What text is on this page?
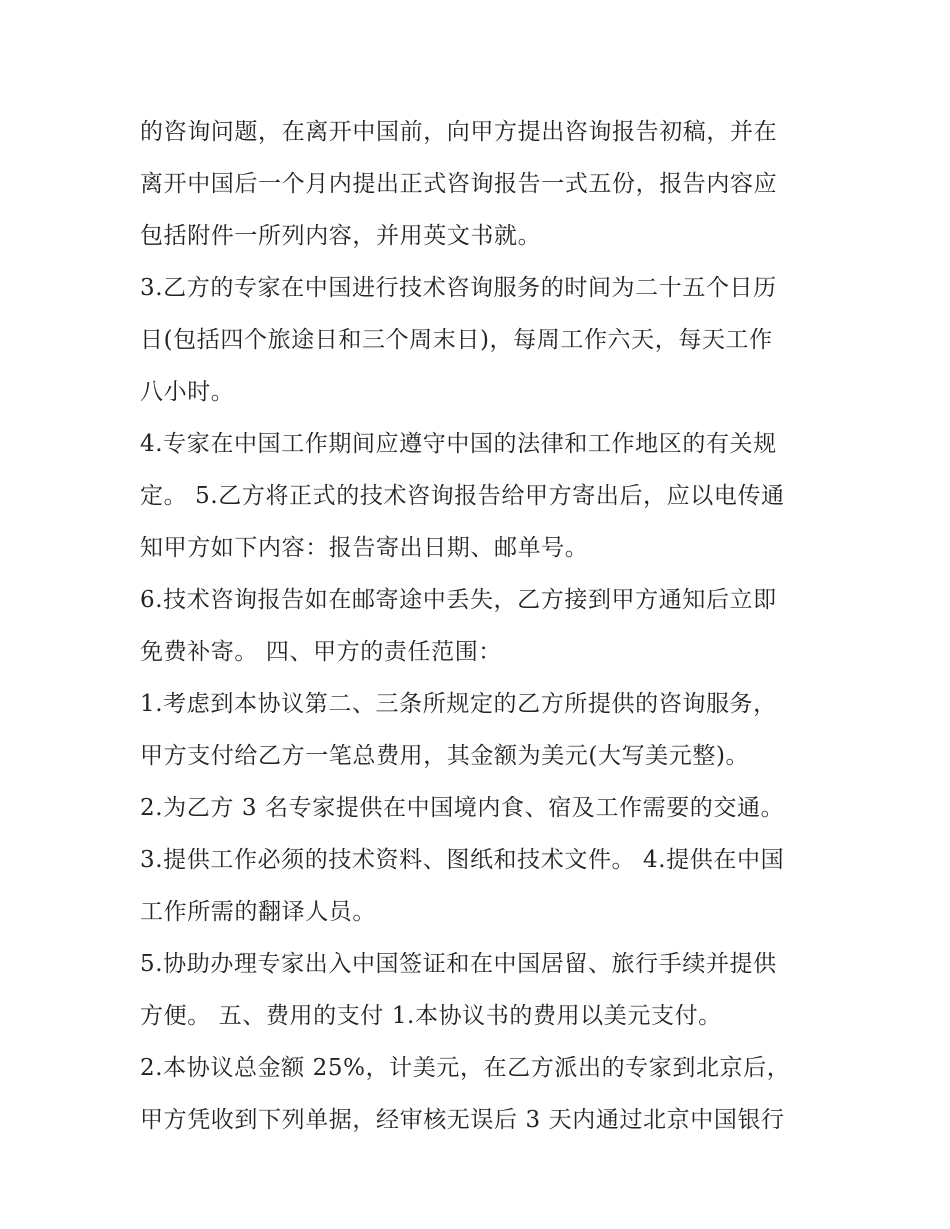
的咨询问题，在离开中国前，向甲方提出咨询报告初稿，并在
离开中国后一个月内提出正式咨询报告一式五份，报告内容应
包括附件一所列内容，并用英文书就。
3.乙方的专家在中国进行技术咨询服务的时间为二十五个日历
日(包括四个旅途日和三个周末日)，每周工作六天，每天工作
八小时。
4.专家在中国工作期间应遵守中国的法律和工作地区的有关规
定。 5.乙方将正式的技术咨询报告给甲方寄出后，应以电传通
知甲方如下内容：报告寄出日期、邮单号。
6.技术咨询报告如在邮寄途中丢失，乙方接到甲方通知后立即
免费补寄。 四、甲方的责任范围：
1.考虑到本协议第二、三条所规定的乙方所提供的咨询服务，
甲方支付给乙方一笔总费用，其金额为美元(大写美元整)。
2.为乙方 3 名专家提供在中国境内食、宿及工作需要的交通。
3.提供工作必须的技术资料、图纸和技术文件。 4.提供在中国
工作所需的翻译人员。
5.协助办理专家出入中国签证和在中国居留、旅行手续并提供
方便。 五、费用的支付 1.本协议书的费用以美元支付。
2.本协议总金额 25%，计美元，在乙方派出的专家到北京后，
甲方凭收到下列单据，经审核无误后 3 天内通过北京中国银行
